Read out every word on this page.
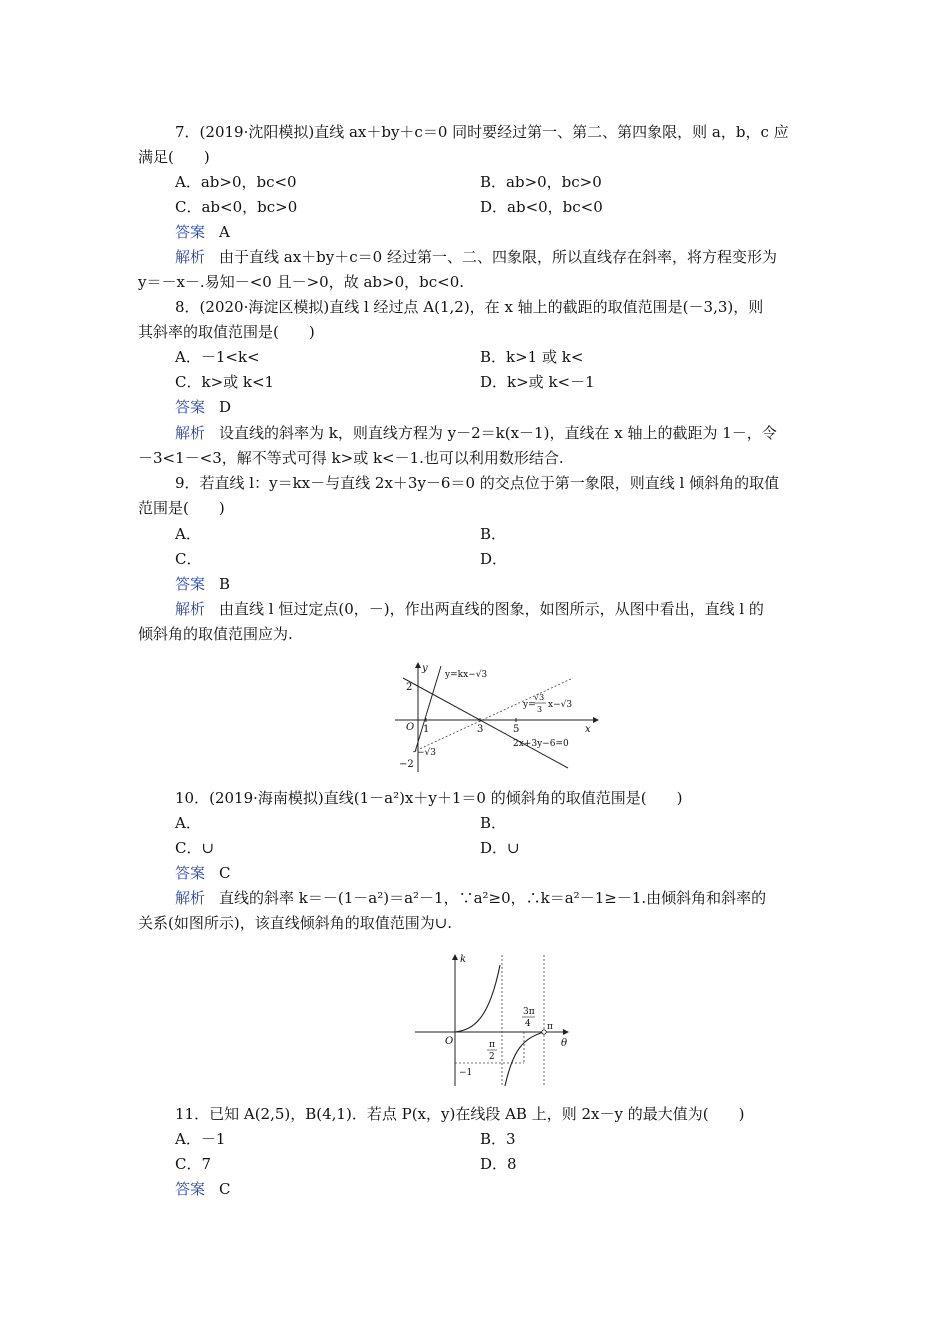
7．(2019·沈阳模拟)直线 ax＋by＋c＝0 同时要经过第一、第二、第四象限，则 a，b，c 应
满足(　　)
A．ab>0，bc<0	B．ab>0，bc>0
C．ab<0，bc>0	D．ab<0，bc<0
答案 A
解析 由于直线 ax＋by＋c＝0 经过第一、二、四象限，所以直线存在斜率，将方程变形为
y＝－x－.易知－<0 且－>0，故 ab>0，bc<0.
8．(2020·海淀区模拟)直线 l 经过点 A(1,2)，在 x 轴上的截距的取值范围是(－3,3)，则
其斜率的取值范围是(　　)
A．－1<k<	B．k>1 或 k<
C．k>或 k<1	D．k>或 k<－1
答案 D
解析 设直线的斜率为 k，则直线方程为 y－2＝k(x－1)，直线在 x 轴上的截距为 1－，令
－3<1－<3，解不等式可得 k>或 k<－1.也可以利用数形结合.
9．若直线 l：y＝kx－与直线 2x＋3y－6＝0 的交点位于第一象限，则直线 l 倾斜角的取值
范围是(　　)
A．	B．
C．	D．
答案 B
解析 由直线 l 恒过定点(0，－)，作出两直线的图象，如图所示，从图中看出，直线 l 的
倾斜角的取值范围应为.
y
x
O
2
−2
1	3	5
y=kx−√3
y=
√3
3 x−√3
2x+3y−6=0
−√3
10．(2019·海南模拟)直线(1－a²)x＋y＋1＝0 的倾斜角的取值范围是(　　)
A．	B．
C．∪	D．∪
答案 C
解析 直线的斜率 k＝－(1－a²)＝a²－1，∵a²≥0，∴k＝a²－1≥－1.由倾斜角和斜率的
关系(如图所示)，该直线倾斜角的取值范围为∪.
k
θ
O	π
2
3π
4 π
−1
11．已知 A(2,5)，B(4,1)．若点 P(x，y)在线段 AB 上，则 2x－y 的最大值为(　　)
A．－1	B．3
C．7	D．8
答案 C
